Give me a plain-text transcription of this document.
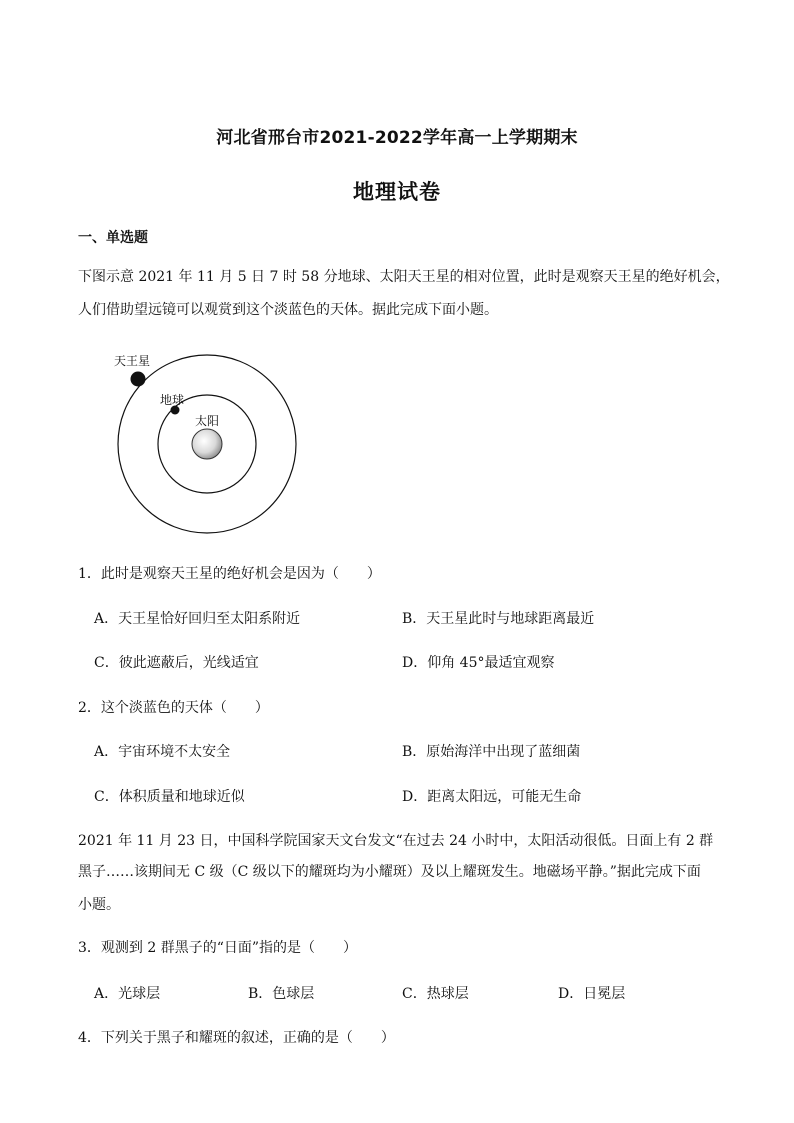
河北省邢台市2021-2022学年高一上学期期末
地理试卷
一、单选题
下图示意 2021 年 11 月 5 日 7 时 58 分地球、太阳天王星的相对位置，此时是观察天王星的绝好机会，
人们借助望远镜可以观赏到这个淡蓝色的天体。据此完成下面小题。
天王星
地球
太阳
1．此时是观察天王星的绝好机会是因为（　　）
A．天王星恰好回归至太阳系附近	B．天王星此时与地球距离最近
C．彼此遮蔽后，光线适宜	D．仰角 45°最适宜观察
2．这个淡蓝色的天体（　　）
A．宇宙环境不太安全	B．原始海洋中出现了蓝细菌
C．体积质量和地球近似	D．距离太阳远，可能无生命
2021 年 11 月 23 日，中国科学院国家天文台发文“在过去 24 小时中，太阳活动很低。日面上有 2 群
黑子……该期间无 C 级（C 级以下的耀斑均为小耀斑）及以上耀斑发生。地磁场平静。”据此完成下面
小题。
3．观测到 2 群黑子的“日面”指的是（　　）
A．光球层	B．色球层	C．热球层	D．日冕层
4．下列关于黑子和耀斑的叙述，正确的是（　　）
